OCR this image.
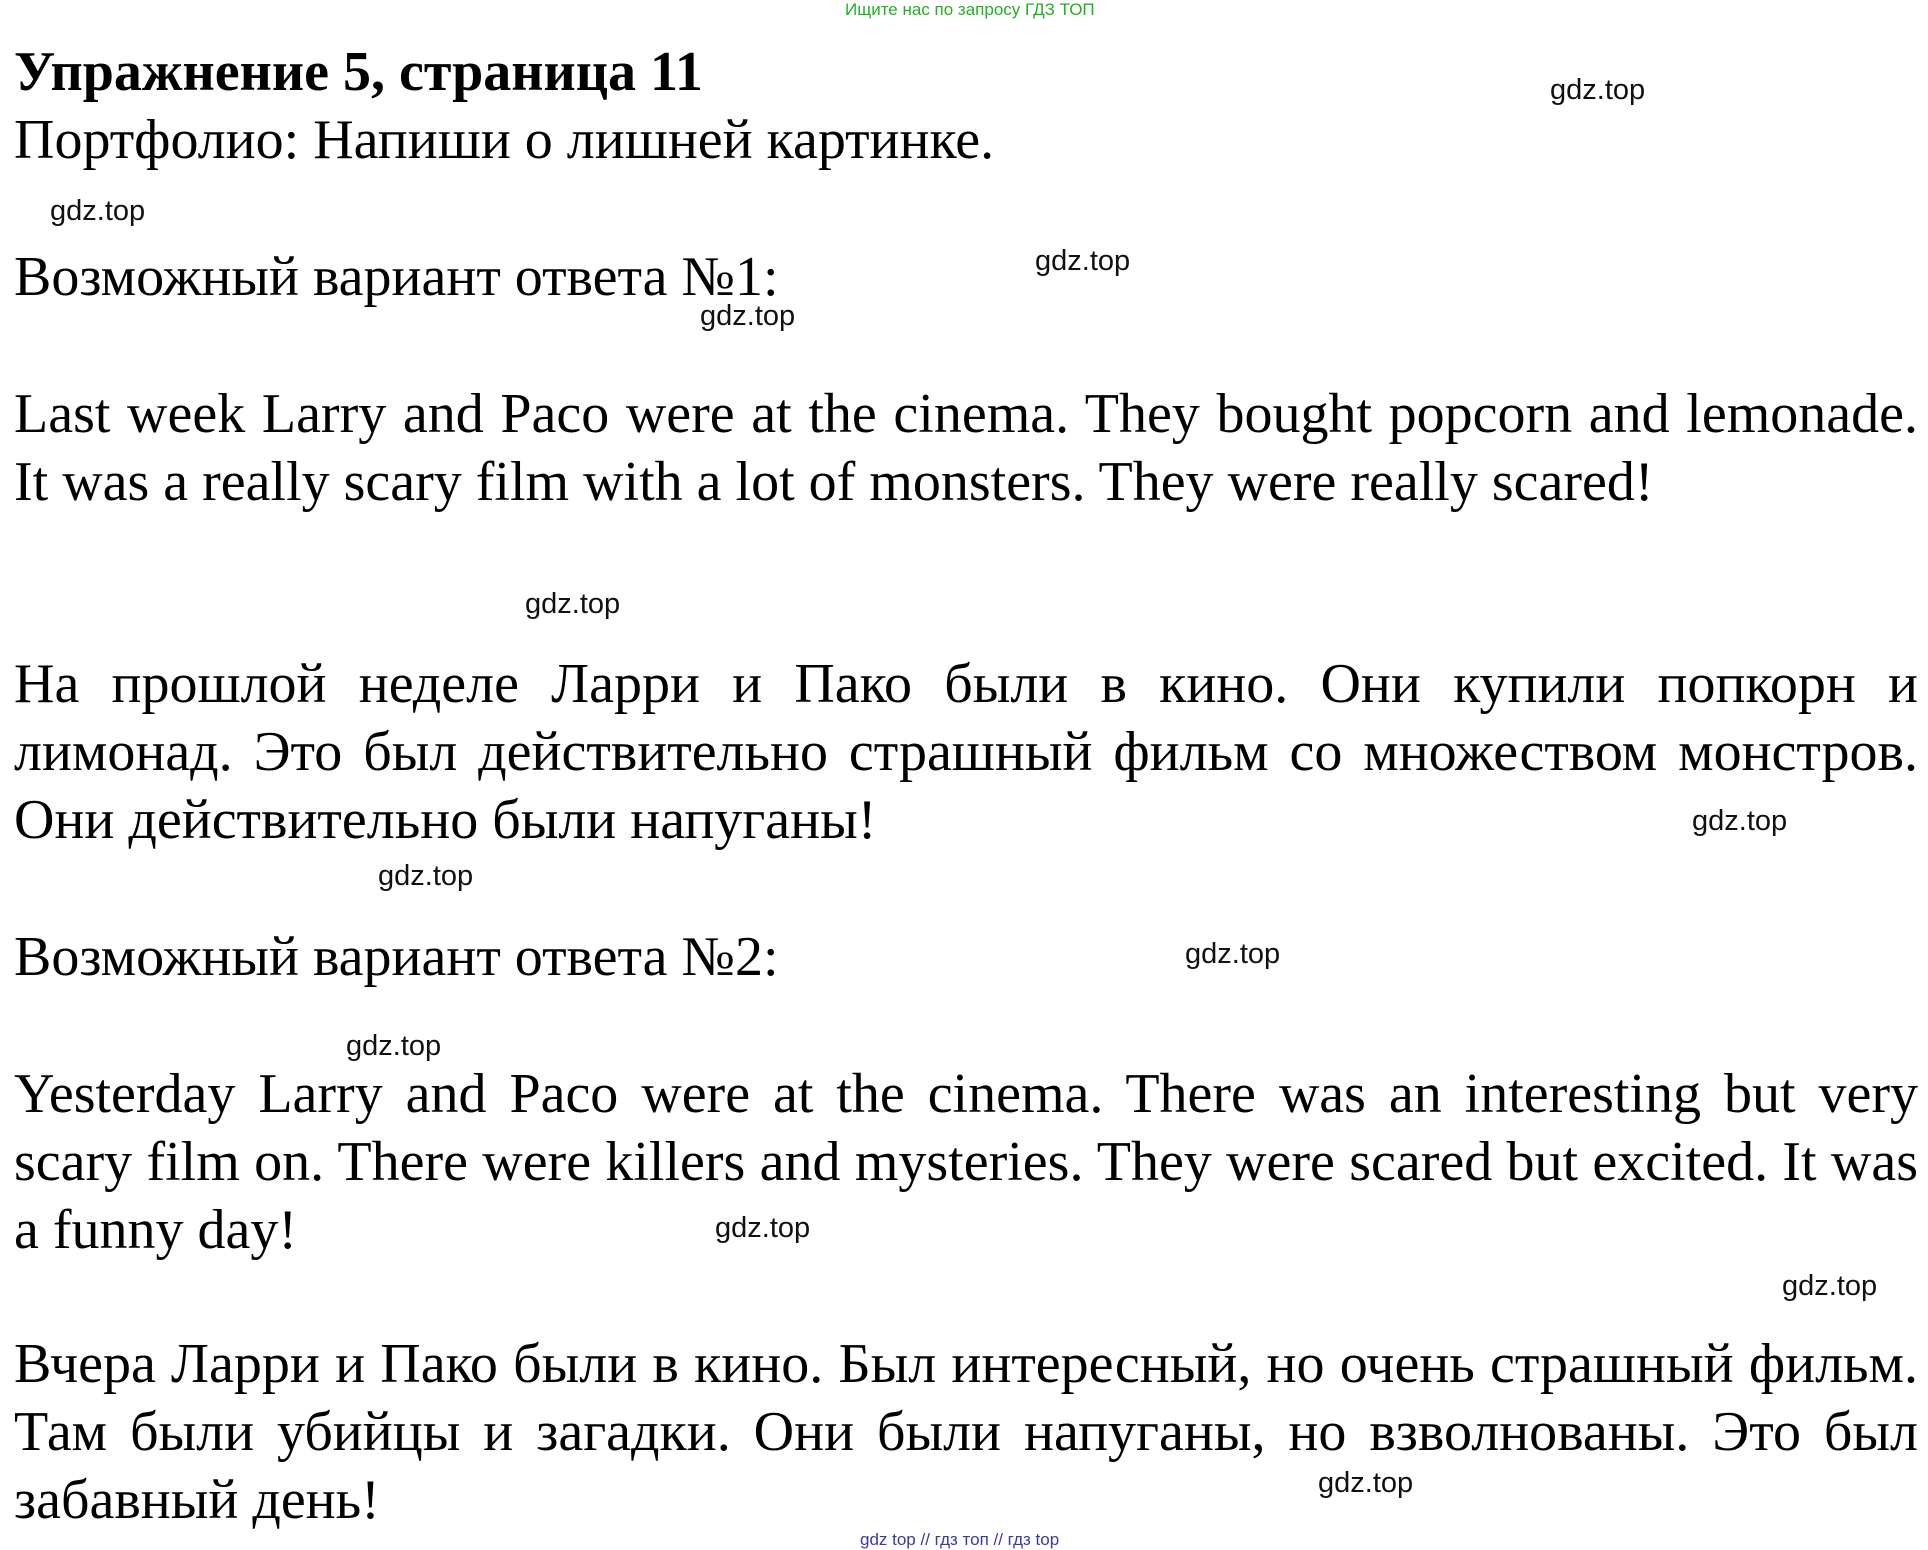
Ищите нас по запросу ГДЗ ТОП
Упражнение 5, страница 11

Портфолио: Напиши о лишней картинке.

Возможный вариант ответа №1:

Last week Larry and Paco were at the cinema. They bought popcorn and lemonade. It was a really scary film with a lot of monsters. They were really scared!

На прошлой неделе Ларри и Пако были в кино. Они купили попкорн и лимонад. Это был действительно страшный фильм со множеством монстров. Они действительно были напуганы!

Возможный вариант ответа №2:

Yesterday Larry and Paco were at the cinema. There was an interesting but very scary film on. There were killers and mysteries. They were scared but excited. It was a funny day!

Вчера Ларри и Пако были в кино. Был интересный, но очень страшный фильм. Там были убийцы и загадки. Они были напуганы, но взволнованы. Это был забавный день!

gdz.top
gdz.top
gdz.top
gdz.top
gdz.top
gdz.top
gdz.top
gdz.top
gdz.top
gdz.top
gdz.top
gdz.top
gdz top // гдз топ // гдз top
